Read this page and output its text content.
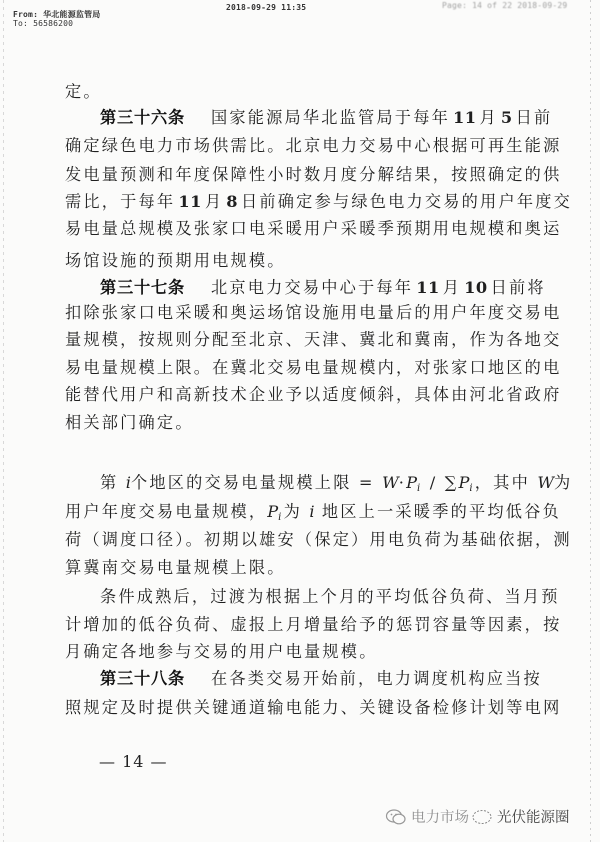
From: 华北能源监管局
To: 56586200
2018-09-29 11:35	Page: 14 of 22 2018-09-29
定。
第三十六条 国家能源局华北监管局于每年 11 月 5 日前
确定绿色电力市场供需比。北京电力交易中心根据可再生能源
发电量预测和年度保障性小时数月度分解结果，按照确定的供
需比，于每年 11 月 8 日前确定参与绿色电力交易的用户年度交
易电量总规模及张家口电采暖用户采暖季预期用电规模和奥运
场馆设施的预期用电规模。
第三十七条 北京电力交易中心于每年 11 月 10 日前将
扣除张家口电采暖和奥运场馆设施用电量后的用户年度交易电
量规模，按规则分配至北京、天津、冀北和冀南，作为各地交
易电量规模上限。在冀北交易电量规模内，对张家口地区的电
能替代用户和高新技术企业予以适度倾斜，具体由河北省政府
相关部门确定。
第 i个地区的交易电量规模上限 = $W\cdot P_i / \sum P_i$，其中 W为
用户年度交易电量规模，$P_i$为 i 地区上一采暖季的平均低谷负
荷（调度口径）。初期以雄安（保定）用电负荷为基础依据，测
算冀南交易电量规模上限。
条件成熟后，过渡为根据上个月的平均低谷负荷、当月预
计增加的低谷负荷、虚报上月增量给予的惩罚容量等因素，按
月确定各地参与交易的用户电量规模。
第三十八条 在各类交易开始前，电力调度机构应当按
照规定及时提供关键通道输电能力、关键设备检修计划等电网
— 14 —
电力市场 光伏能源圈
